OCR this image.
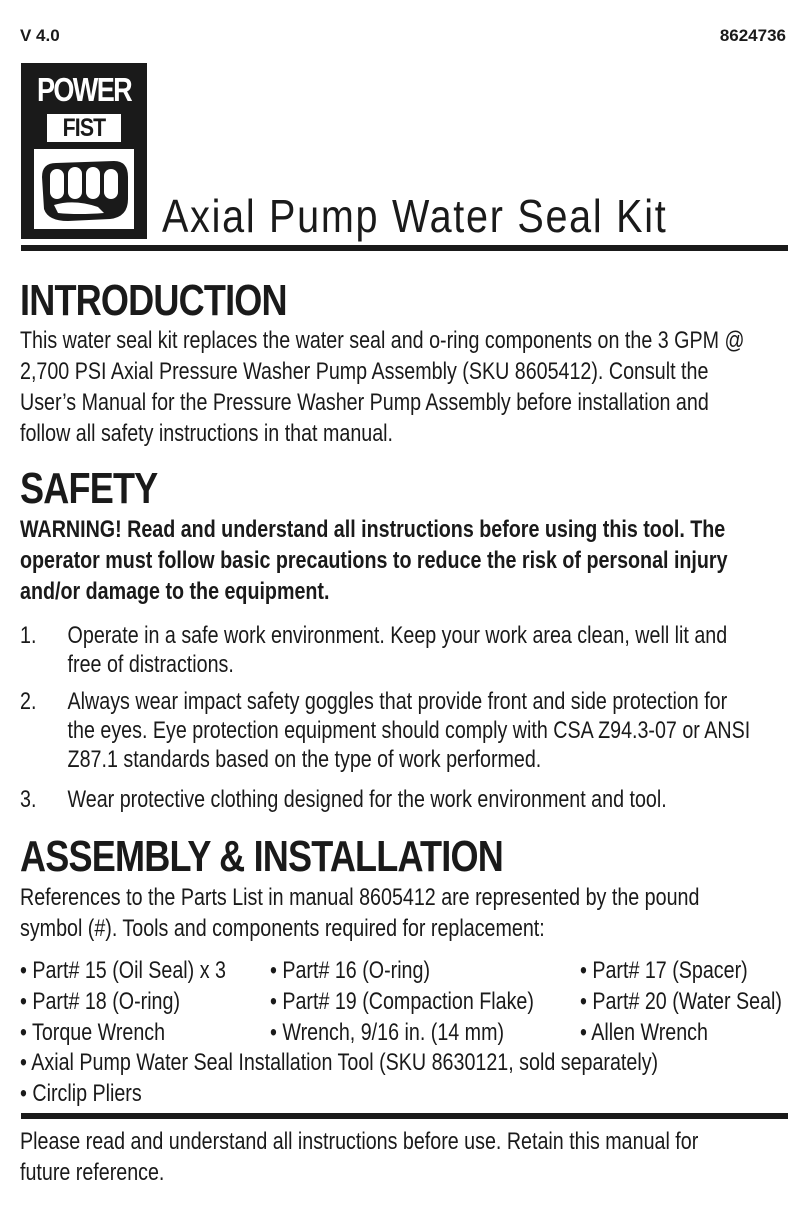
V 4.0	8624736
POWER
FIST
Axial Pump Water Seal Kit
INTRODUCTION
This water seal kit replaces the water seal and o-ring components on the 3 GPM @
2,700 PSI Axial Pressure Washer Pump Assembly (SKU 8605412). Consult the
User’s Manual for the Pressure Washer Pump Assembly before installation and
follow all safety instructions in that manual.
SAFETY
WARNING! Read and understand all instructions before using this tool. The
operator must follow basic precautions to reduce the risk of personal injury
and/or damage to the equipment.
1. Operate in a safe work environment. Keep your work area clean, well lit and
free of distractions.
2. Always wear impact safety goggles that provide front and side protection for
the eyes. Eye protection equipment should comply with CSA Z94.3-07 or ANSI
Z87.1 standards based on the type of work performed.
3. Wear protective clothing designed for the work environment and tool.
ASSEMBLY & INSTALLATION
References to the Parts List in manual 8605412 are represented by the pound
symbol (#). Tools and components required for replacement:
• Part# 15 (Oil Seal) x 3 • Part# 16 (O-ring)	• Part# 17 (Spacer)
• Part# 18 (O-ring)	• Part# 19 (Compaction Flake) • Part# 20 (Water Seal)
• Torque Wrench	• Wrench, 9/16 in. (14 mm)	• Allen Wrench
• Axial Pump Water Seal Installation Tool (SKU 8630121, sold separately)
• Circlip Pliers
Please read and understand all instructions before use. Retain this manual for
future reference.
